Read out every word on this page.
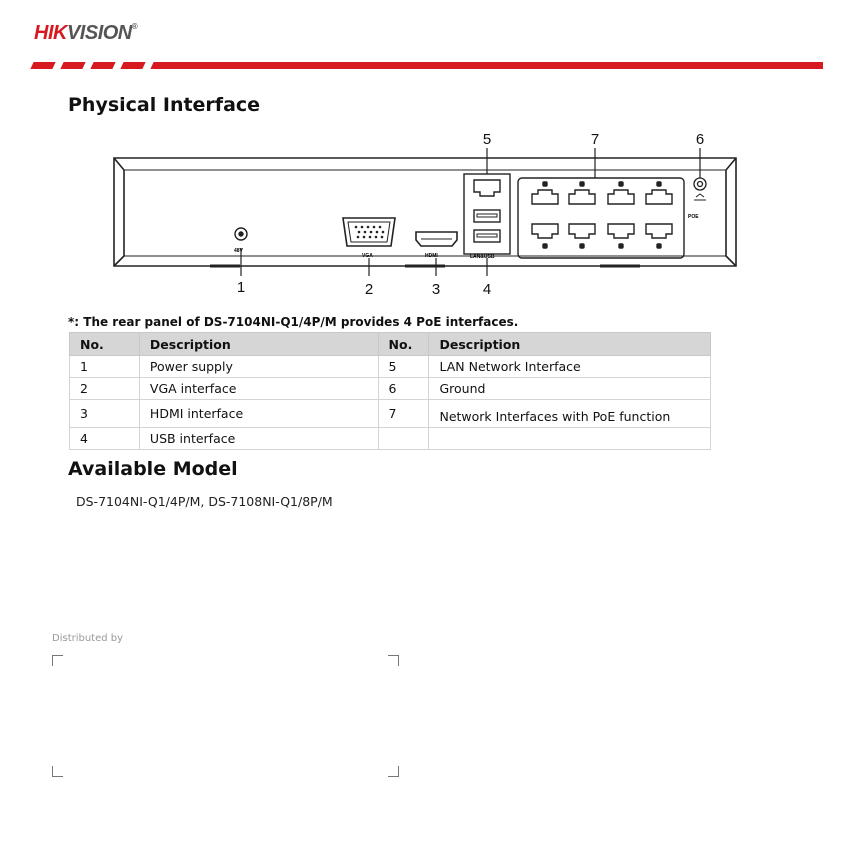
HIKVISION®
Physical Interface
48V
VGA	HDMI	LAN&USB
POE
1	2	3	4
5	6
7
*: The rear panel of DS-7104NI-Q1/4P/M provides 4 PoE interfaces.
No.	Description	No.	Description
1	Power supply	5	LAN Network Interface
2	VGA interface	6	Ground
3	HDMI interface	7	Network Interfaces with PoE function
4	USB interface		
Available Model
DS-7104NI-Q1/4P/M, DS-7108NI-Q1/8P/M
Distributed by
